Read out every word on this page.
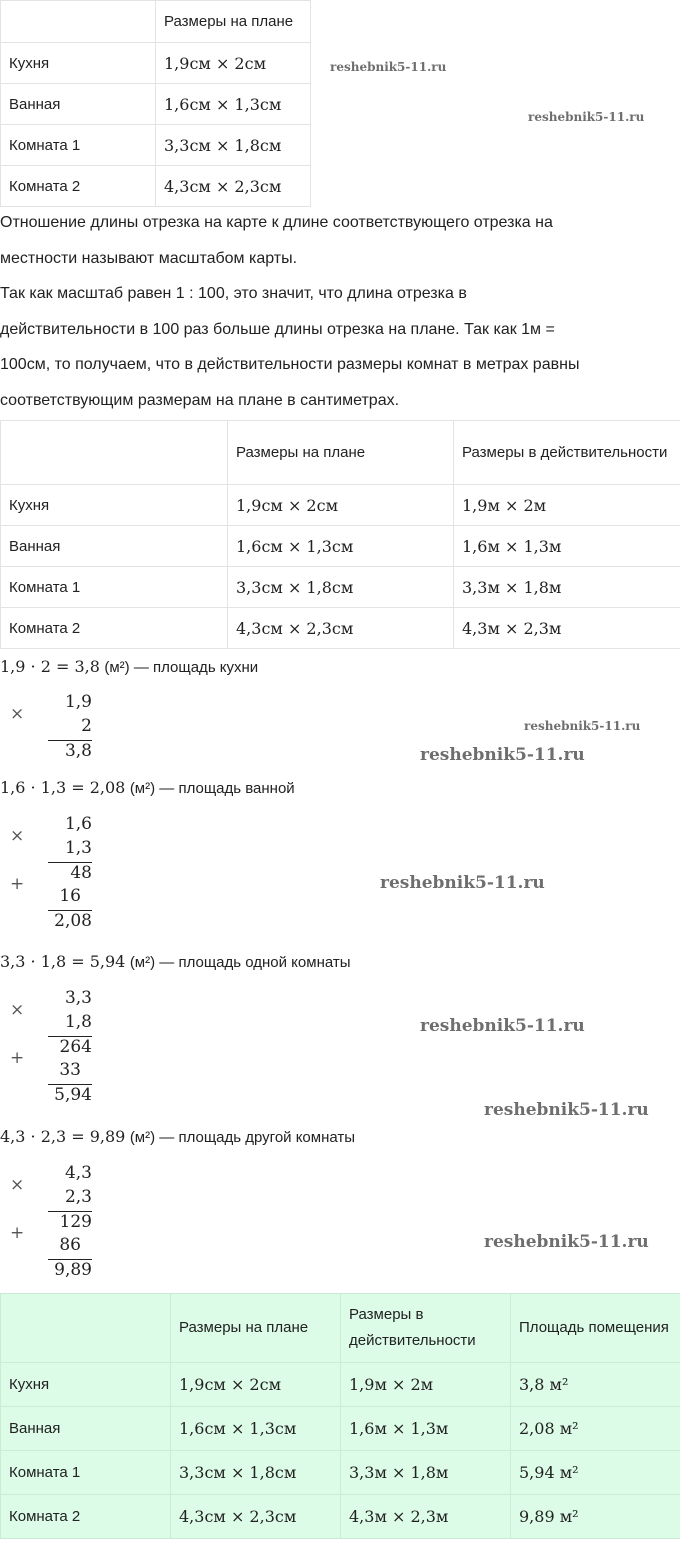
	Размеры на плане
Кухня	1,9см × 2см
Ванная	1,6см × 1,3см
Комната 1	3,3см × 1,8см
Комната 2	4,3см × 2,3см
Отношение длины отрезка на карте к длине соответствующего отрезка на
местности называют масштабом карты.
Так как масштаб равен 1 : 100, это значит, что длина отрезка в
действительности в 100 раз больше длины отрезка на плане. Так как 1м =
100см, то получаем, что в действительности размеры комнат в метрах равны
соответствующим размерам на плане в сантиметрах.
	Размеры на плане	Размеры в действительности
Кухня	1,9см × 2см	1,9м × 2м
Ванная	1,6см × 1,3см	1,6м × 1,3м
Комната 1	3,3см × 1,8см	3,3м × 1,8м
Комната 2	4,3см × 2,3см	4,3м × 2,3м
1,9 · 2 = 3,8 (м²) — площадь кухни
×
1,9
2
3,8
1,6 · 1,3 = 2,08 (м²) — площадь ванной
×
1,6
1,3
48
16
+
2,08
3,3 · 1,8 = 5,94 (м²) — площадь одной комнаты
×
3,3
1,8
264
33
+
5,94
4,3 · 2,3 = 9,89 (м²) — площадь другой комнаты
×
4,3
2,3
129
86
+
9,89
	Размеры на плане	Размеры в действительности	Площадь помещения
Кухня	1,9см × 2см	1,9м × 2м	3,8 м²
Ванная	1,6см × 1,3см	1,6м × 1,3м	2,08 м²
Комната 1	3,3см × 1,8см	3,3м × 1,8м	5,94 м²
Комната 2	4,3см × 2,3см	4,3м × 2,3м	9,89 м²
reshebnik5-11.ru
reshebnik5-11.ru
reshebnik5-11.ru
reshebnik5-11.ru
reshebnik5-11.ru
reshebnik5-11.ru
reshebnik5-11.ru
reshebnik5-11.ru
